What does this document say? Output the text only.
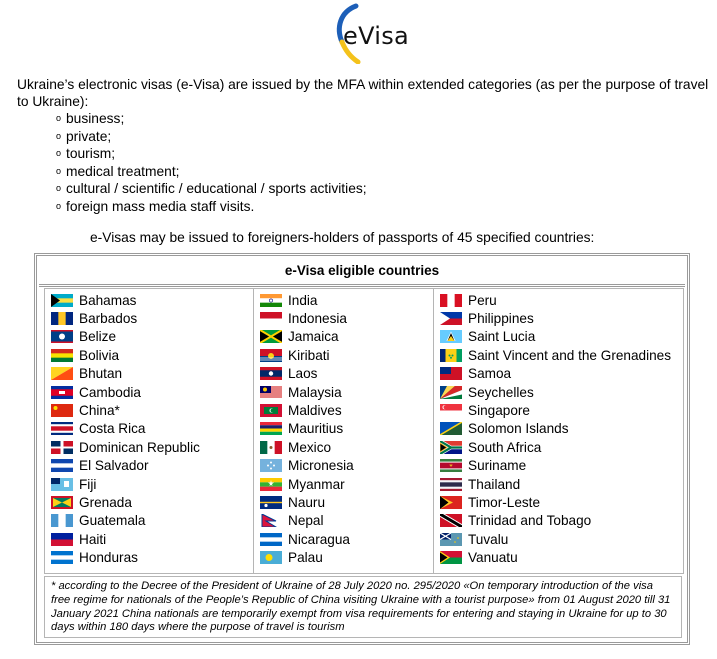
eVisa
Ukraine’s electronic visas (e-Visa) are issued by the MFA within extended categories (as per the purpose of travel to Ukraine):
o business;
o private;
o tourism;
o medical treatment;
o cultural / scientific / educational / sports activities;
o foreign mass media staff visits.
e-Visas may be issued to foreigners-holders of passports of 45 specified countries:
e-Visa eligible countries
Bahamas
Barbados
Belize
Bolivia
Bhutan
Cambodia
China*
Costa Rica
Dominican Republic
El Salvador
Fiji
Grenada
Guatemala
Haiti
Honduras
India
Indonesia
Jamaica
Kiribati
Laos
Malaysia
Maldives
Mauritius
Mexico
Micronesia
Myanmar
Nauru
Nepal
Nicaragua
Palau
Peru
Philippines
Saint Lucia
Saint Vincent and the Grenadines
Samoa
Seychelles
Singapore
Solomon Islands
South Africa
Suriname
Thailand
Timor-Leste
Trinidad and Tobago
Tuvalu
Vanuatu
* according to the Decree of the President of Ukraine of 28 July 2020 no. 295/2020 «On temporary introduction of the visa free regime for nationals of the People’s Republic of China visiting Ukraine with a tourist purpose» from 01 August 2020 till 31 January 2021 China nationals are temporarily exempt from visa requirements for entering and staying in Ukraine for up to 30 days within 180 days where the purpose of travel is tourism
